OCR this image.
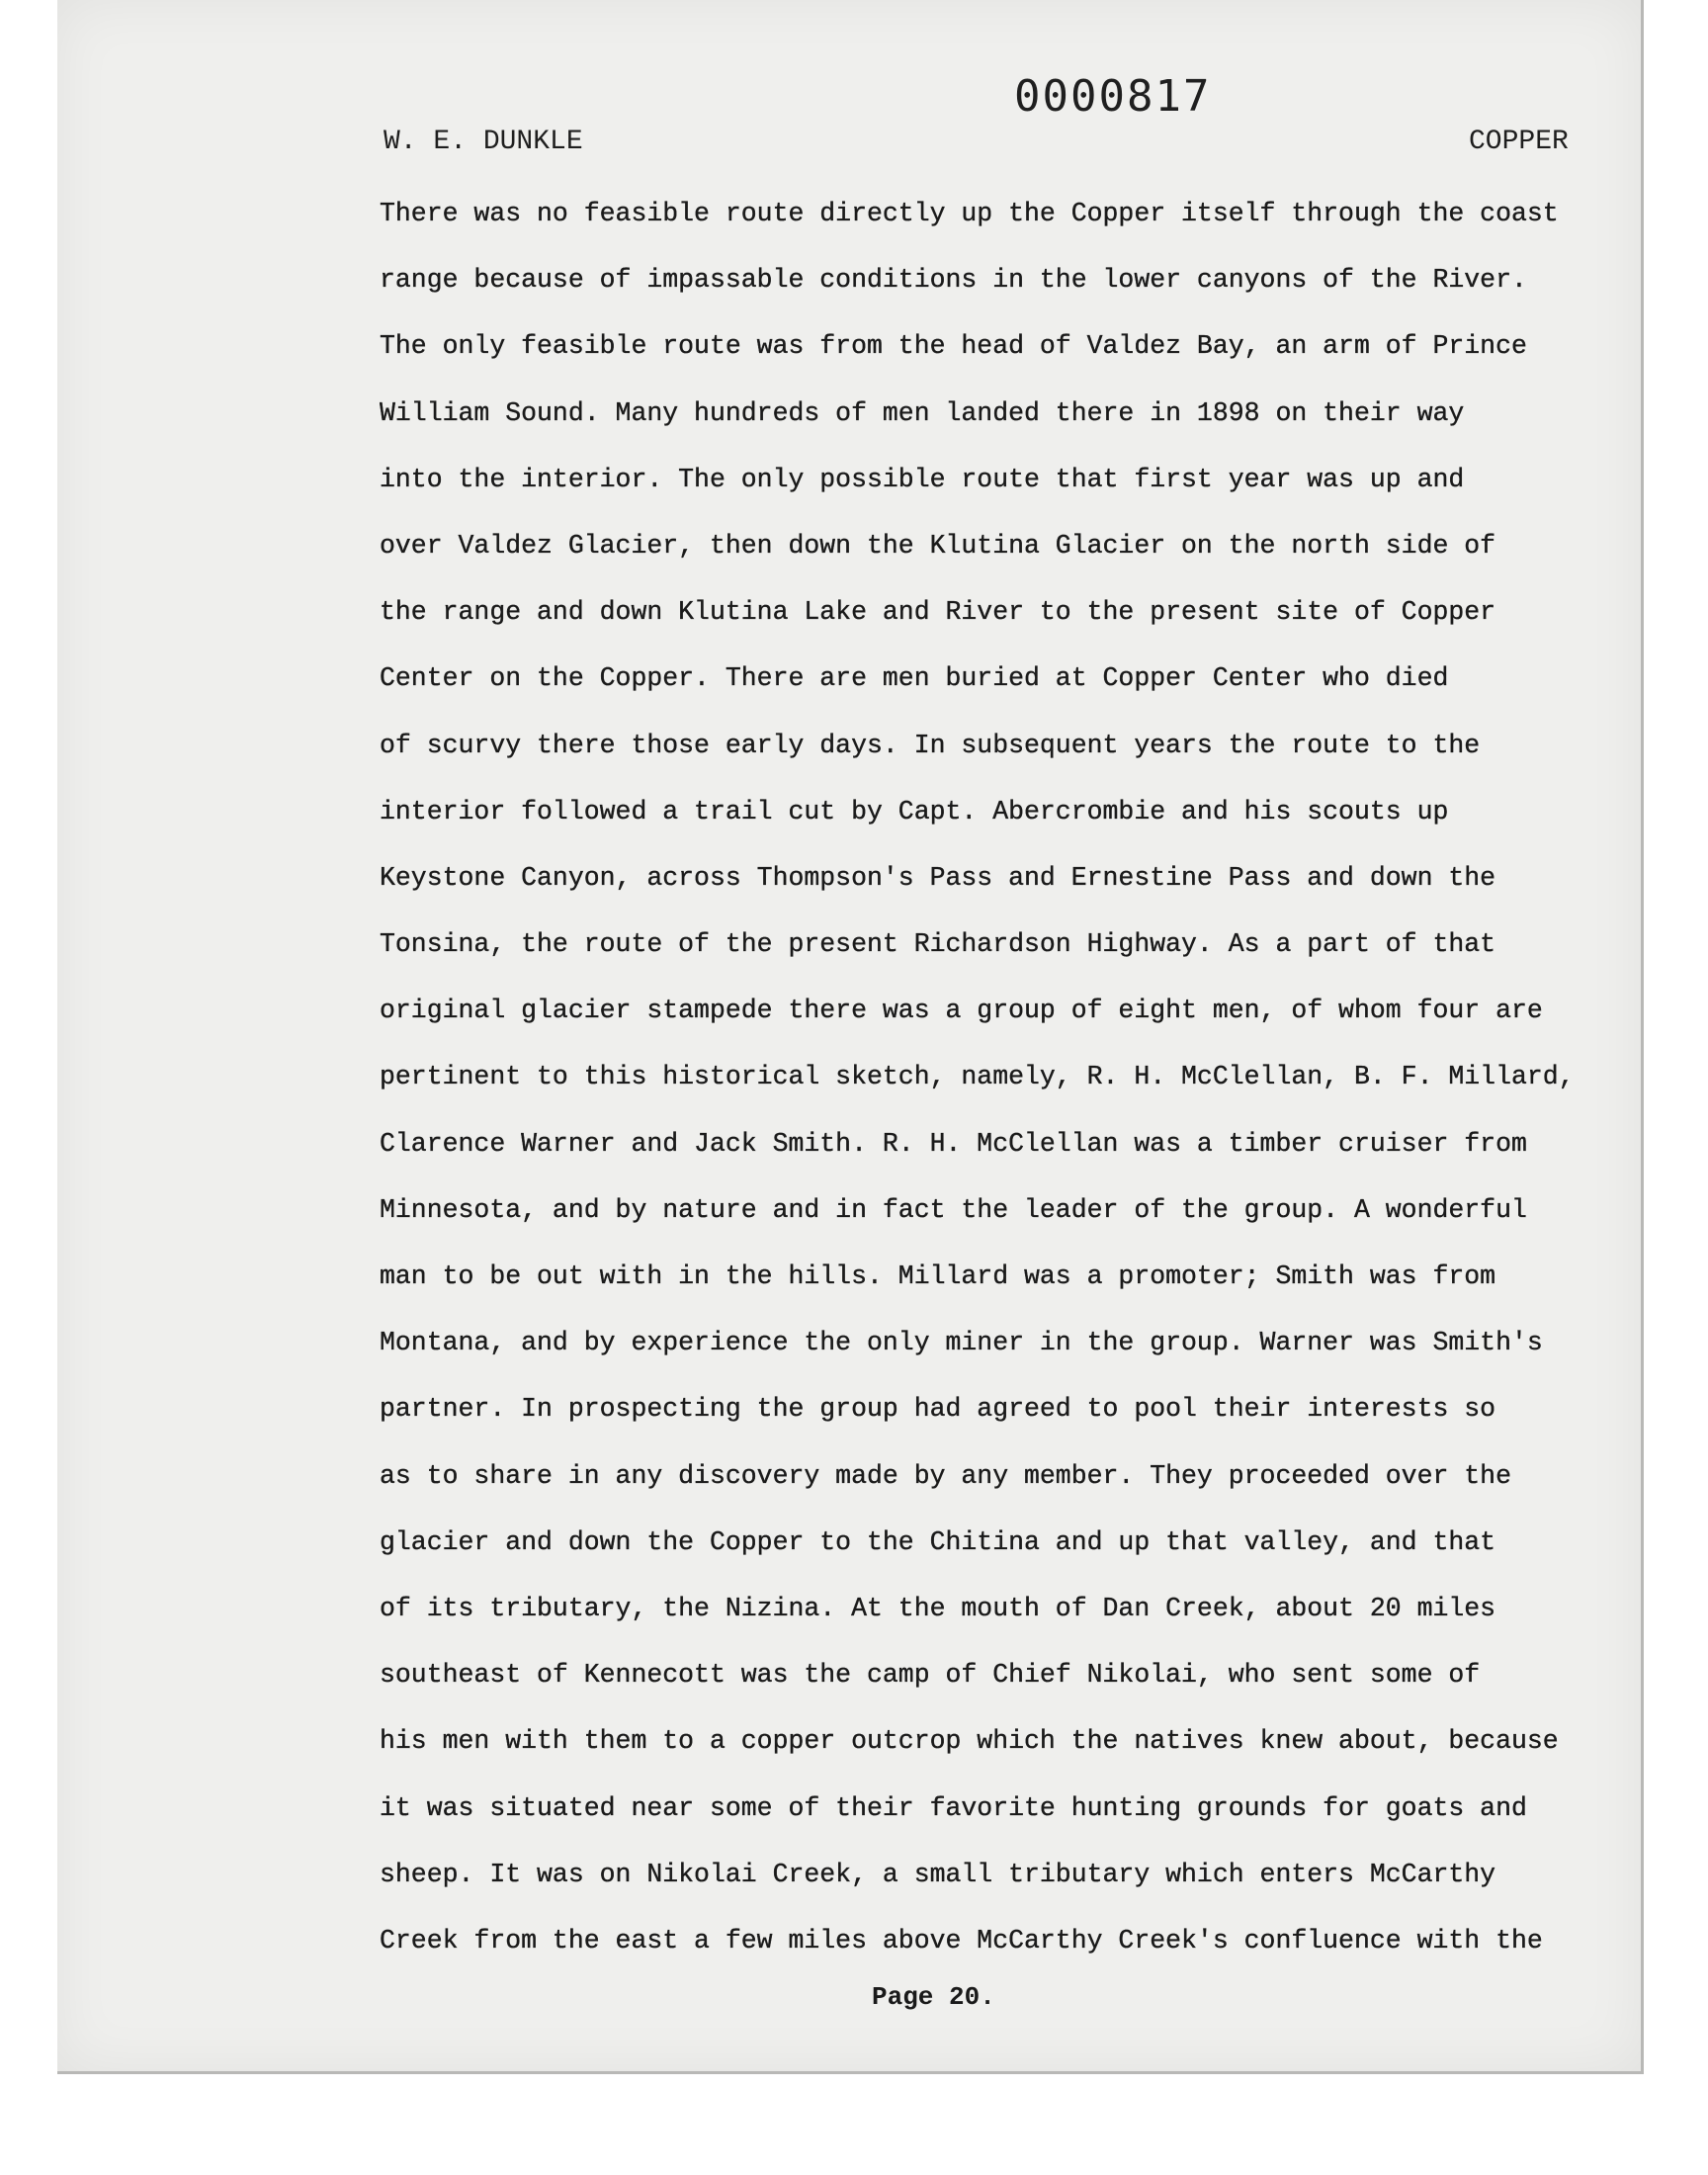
0000817
W. E. DUNKLE	COPPER
There was no feasible route directly up the Copper itself through the coast
range because of impassable conditions in the lower canyons of the River.
The only feasible route was from the head of Valdez Bay, an arm of Prince
William Sound. Many hundreds of men landed there in 1898 on their way
into the interior. The only possible route that first year was up and
over Valdez Glacier, then down the Klutina Glacier on the north side of
the range and down Klutina Lake and River to the present site of Copper
Center on the Copper. There are men buried at Copper Center who died
of scurvy there those early days. In subsequent years the route to the
interior followed a trail cut by Capt. Abercrombie and his scouts up
Keystone Canyon, across Thompson's Pass and Ernestine Pass and down the
Tonsina, the route of the present Richardson Highway. As a part of that
original glacier stampede there was a group of eight men, of whom four are
pertinent to this historical sketch, namely, R. H. McClellan, B. F. Millard,
Clarence Warner and Jack Smith. R. H. McClellan was a timber cruiser from
Minnesota, and by nature and in fact the leader of the group. A wonderful
man to be out with in the hills. Millard was a promoter; Smith was from
Montana, and by experience the only miner in the group. Warner was Smith's
partner. In prospecting the group had agreed to pool their interests so
as to share in any discovery made by any member. They proceeded over the
glacier and down the Copper to the Chitina and up that valley, and that
of its tributary, the Nizina. At the mouth of Dan Creek, about 20 miles
southeast of Kennecott was the camp of Chief Nikolai, who sent some of
his men with them to a copper outcrop which the natives knew about, because
it was situated near some of their favorite hunting grounds for goats and
sheep. It was on Nikolai Creek, a small tributary which enters McCarthy
Creek from the east a few miles above McCarthy Creek's confluence with the
Page 20.
